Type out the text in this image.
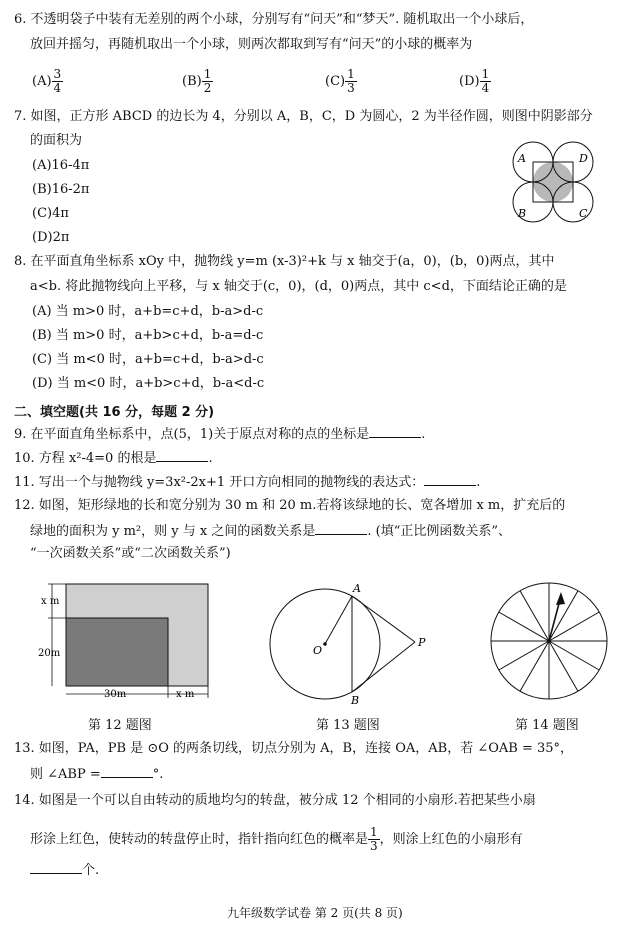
6. 不透明袋子中装有无差别的两个小球，分别写有“问天”和“梦天”. 随机取出一个小球后，
放回并摇匀，再随机取出一个小球，则两次都取到写有“问天”的小球的概率为
$(A) \frac{3}{4}$	$(B) \frac{1}{2}$	$(C) \frac{1}{3}$	$(D) \frac{1}{4}$
7. 如图，正方形 ABCD 的边长为 4，分别以 A，B，C，D 为圆心，2 为半径作圆，则图中阴影部分
的面积为
(A)16-4π
(B)16-2π
(C)4π
(D)2π
A	D
B	C
8. 在平面直角坐标系 xOy 中，抛物线 y=m (x-3)²+k 与 x 轴交于(a，0)，(b，0)两点，其中
a<b. 将此抛物线向上平移，与 x 轴交于(c，0)，(d，0)两点，其中 c<d，下面结论正确的是
(A) 当 m>0 时，a+b=c+d，b-a>d-c
(B) 当 m>0 时，a+b>c+d，b-a=d-c
(C) 当 m<0 时，a+b=c+d，b-a>d-c
(D) 当 m<0 时，a+b>c+d，b-a<d-c
二、填空题(共 16 分，每题 2 分)
9. 在平面直角坐标系中，点(5，1)关于原点对称的点的坐标是	.
10. 方程 x²-4=0 的根是	.
11. 写出一个与抛物线 y=3x²-2x+1 开口方向相同的抛物线的表达式：	.
12. 如图，矩形绿地的长和宽分别为 30 m 和 20 m.若将该绿地的长、宽各增加 x m，扩充后的
绿地的面积为 y m²，则 y 与 x 之间的函数关系是	. (填“正比例函数关系”、
“一次函数关系”或“二次函数关系”)
x m
20m
30m	x m
A
B
O
P
第 12 题图	第 13 题图	第 14 题图
13. 如图，PA，PB 是 ⊙O 的两条切线，切点分别为 A，B，连接 OA，AB，若 ∠OAB = 35°，
则 ∠ABP =	°.
14. 如图是一个可以自由转动的质地均匀的转盘，被分成 12 个相同的小扇形.若把某些小扇
形涂上红色，使转动的转盘停止时，指针指向红色的概率是 $\frac{1}{3}$ ，则涂上红色的小扇形有
个.
九年级数学试卷 第 2 页(共 8 页)
